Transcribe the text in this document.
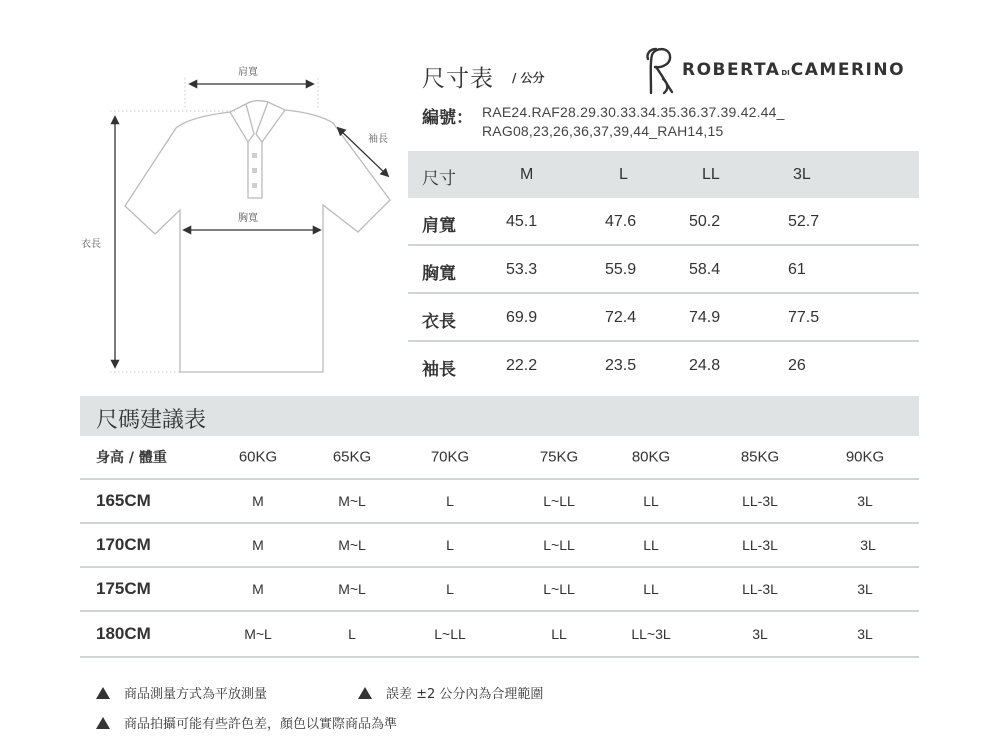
肩寬
胸寬
袖長
衣長
尺寸表 / 公分	ROBERTADICAMERINO
編號： RAE24.RAF28.29.30.33.34.35.36.37.39.42.44_
RAG08,23,26,36,37,39,44_RAH14,15
尺寸	M	L	LL	3L
肩寬	45.1	47.6	50.2	52.7
胸寬	53.3	55.9	58.4	61
衣長	69.9	72.4	74.9	77.5
袖長	22.2	23.5	24.8	26
尺碼建議表
身高 / 體重	60KG	65KG	70KG	75KG	80KG	85KG	90KG
165CM	M	M~L	L	L~LL	LL	LL-3L	3L
170CM	M	M~L	L	L~LL	LL	LL-3L	3L
175CM	M	M~L	L	L~LL	LL	LL-3L	3L
180CM	M~L	L	L~LL	LL	LL~3L	3L	3L
商品測量方式為平放測量	誤差 ±2 公分內為合理範圍
商品拍攝可能有些許色差，顏色以實際商品為準
